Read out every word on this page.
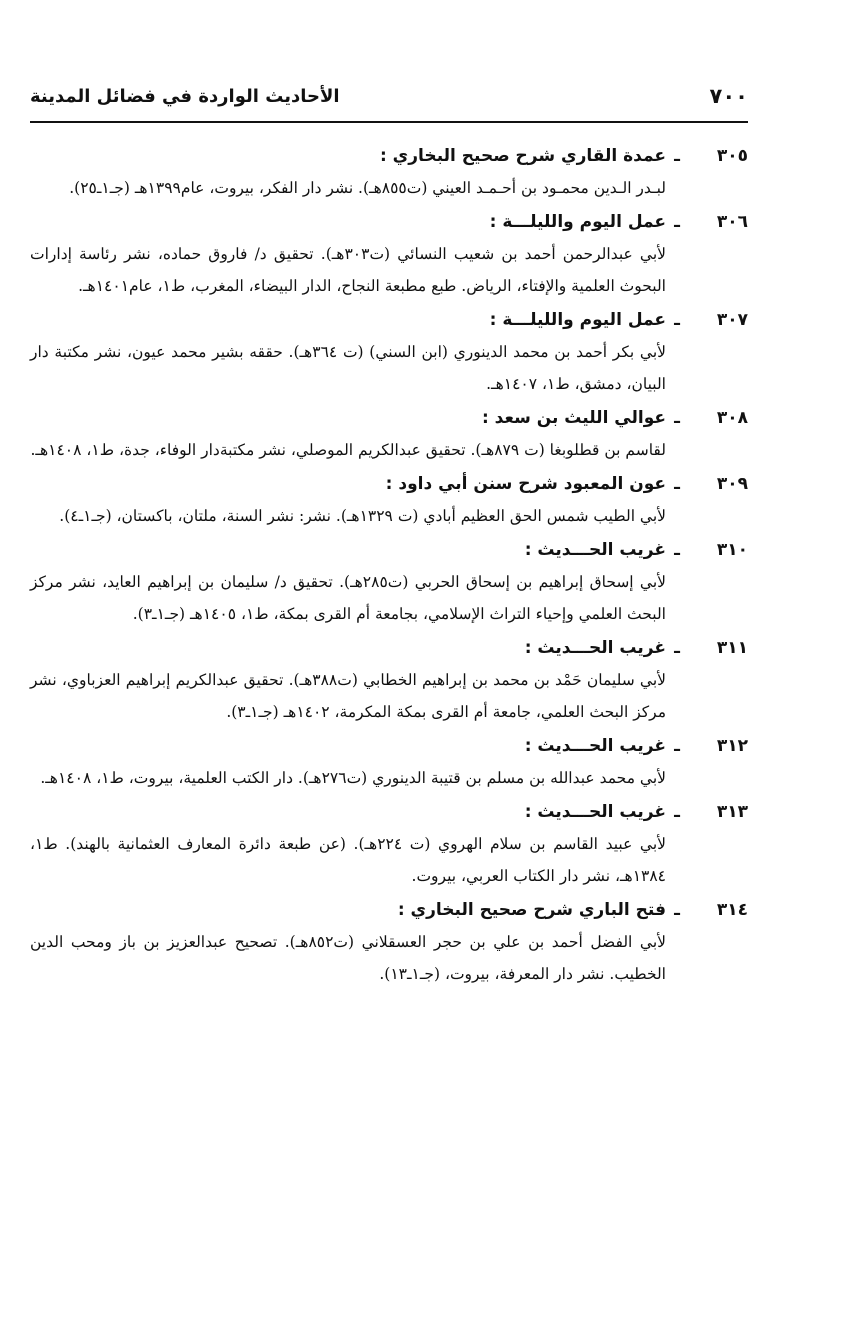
٧٠٠
الأحاديث الواردة في فضائل المدينة
٣٠٥
ـ
عمدة القاري شرح صحيح البخاري :
لبـدر الـدين محمـود بن أحـمـد العيني (ت٨٥٥هـ). نشر دار الفكر، بيروت، عام١٣٩٩هـ (جـ١ـ٢٥).
٣٠٦
ـ
عمل اليوم والليلـــة :
لأبي عبدالرحمن أحمد بن شعيب النسائي (ت٣٠٣هـ). تحقيق د/ فاروق حماده، نشر رئاسة إدارات البحوث العلمية والإفتاء، الرياض. طبع مطبعة النجاح، الدار البيضاء، المغرب، ط١، عام١٤٠١هـ.
٣٠٧
ـ
عمل اليوم والليلـــة :
لأبي بكر أحمد بن محمد الدينوري (ابن السني) (ت ٣٦٤هـ). حققه بشير محمد عيون، نشر مكتبة دار البيان، دمشق، ط١، ١٤٠٧هـ.
٣٠٨
ـ
عوالي الليث بن سعد :
لقاسم بن قطلوبغا (ت ٨٧٩هـ). تحقيق عبدالكريم الموصلي، نشر مكتبةدار الوفاء، جدة، ط١، ١٤٠٨هـ.
٣٠٩
ـ
عون المعبود شرح سنن أبي داود :
لأبي الطيب شمس الحق العظيم أبادي (ت ١٣٢٩هـ). نشر: نشر السنة، ملتان، باكستان، (جـ١ـ٤).
٣١٠
ـ
غريب الحـــديث :
لأبي إسحاق إبراهيم بن إسحاق الحربي (ت٢٨٥هـ). تحقيق د/ سليمان بن إبراهيم العايد، نشر مركز البحث العلمي وإحياء التراث الإسلامي، بجامعة أم القرى بمكة، ط١، ١٤٠٥هـ (جـ١ـ٣).
٣١١
ـ
غريب الحـــديث :
لأبي سليمان حَمْد بن محمد بن إبراهيم الخطابي (ت٣٨٨هـ). تحقيق عبدالكريم إبراهيم العزباوي، نشر مركز البحث العلمي، جامعة أم القرى بمكة المكرمة، ١٤٠٢هـ (جـ١ـ٣).
٣١٢
ـ
غريب الحـــديث :
لأبي محمد عبدالله بن مسلم بن قتيبة الدينوري (ت٢٧٦هـ). دار الكتب العلمية، بيروت، ط١، ١٤٠٨هـ.
٣١٣
ـ
غريب الحـــديث :
لأبي عبيد القاسم بن سلام الهروي (ت ٢٢٤هـ). (عن طبعة دائرة المعارف العثمانية بالهند). ط١، ١٣٨٤هـ، نشر دار الكتاب العربي، بيروت.
٣١٤
ـ
فتح الباري شرح صحيح البخاري :
لأبي الفضل أحمد بن علي بن حجر العسقلاني (ت٨٥٢هـ). تصحيح عبدالعزيز بن باز ومحب الدين الخطيب. نشر دار المعرفة، بيروت، (جـ١ـ١٣).
